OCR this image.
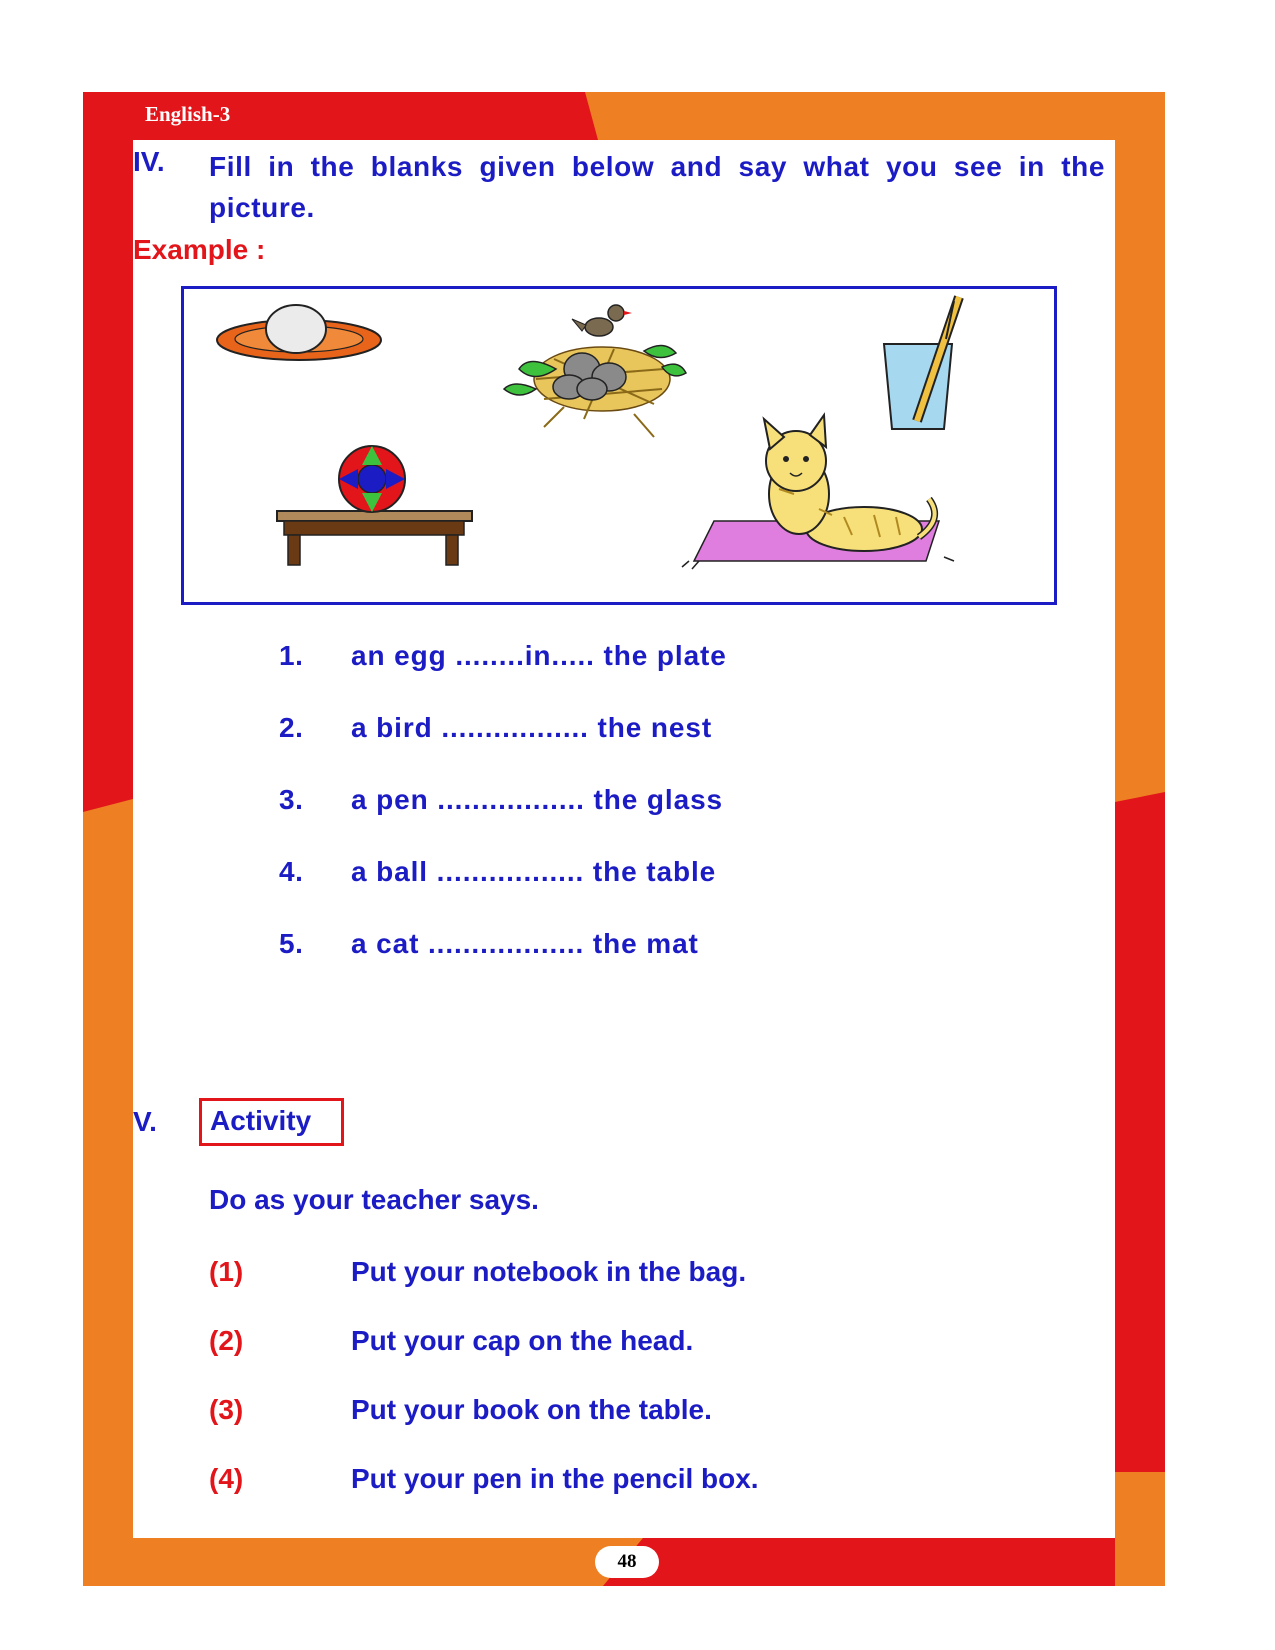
English-3
IV. Fill in the blanks given below and say what you see in the picture.
Example :
1. an egg ........in..... the plate
2. a bird ................. the nest
3. a pen ................. the glass
4. a ball ................. the table
5. a cat .................. the mat
V. Activity
Do as your teacher says.
(1)	Put your notebook in the bag.
(2)	Put your cap on the head.
(3)	Put your book on the table.
(4)	Put your pen in the pencil box.
48
